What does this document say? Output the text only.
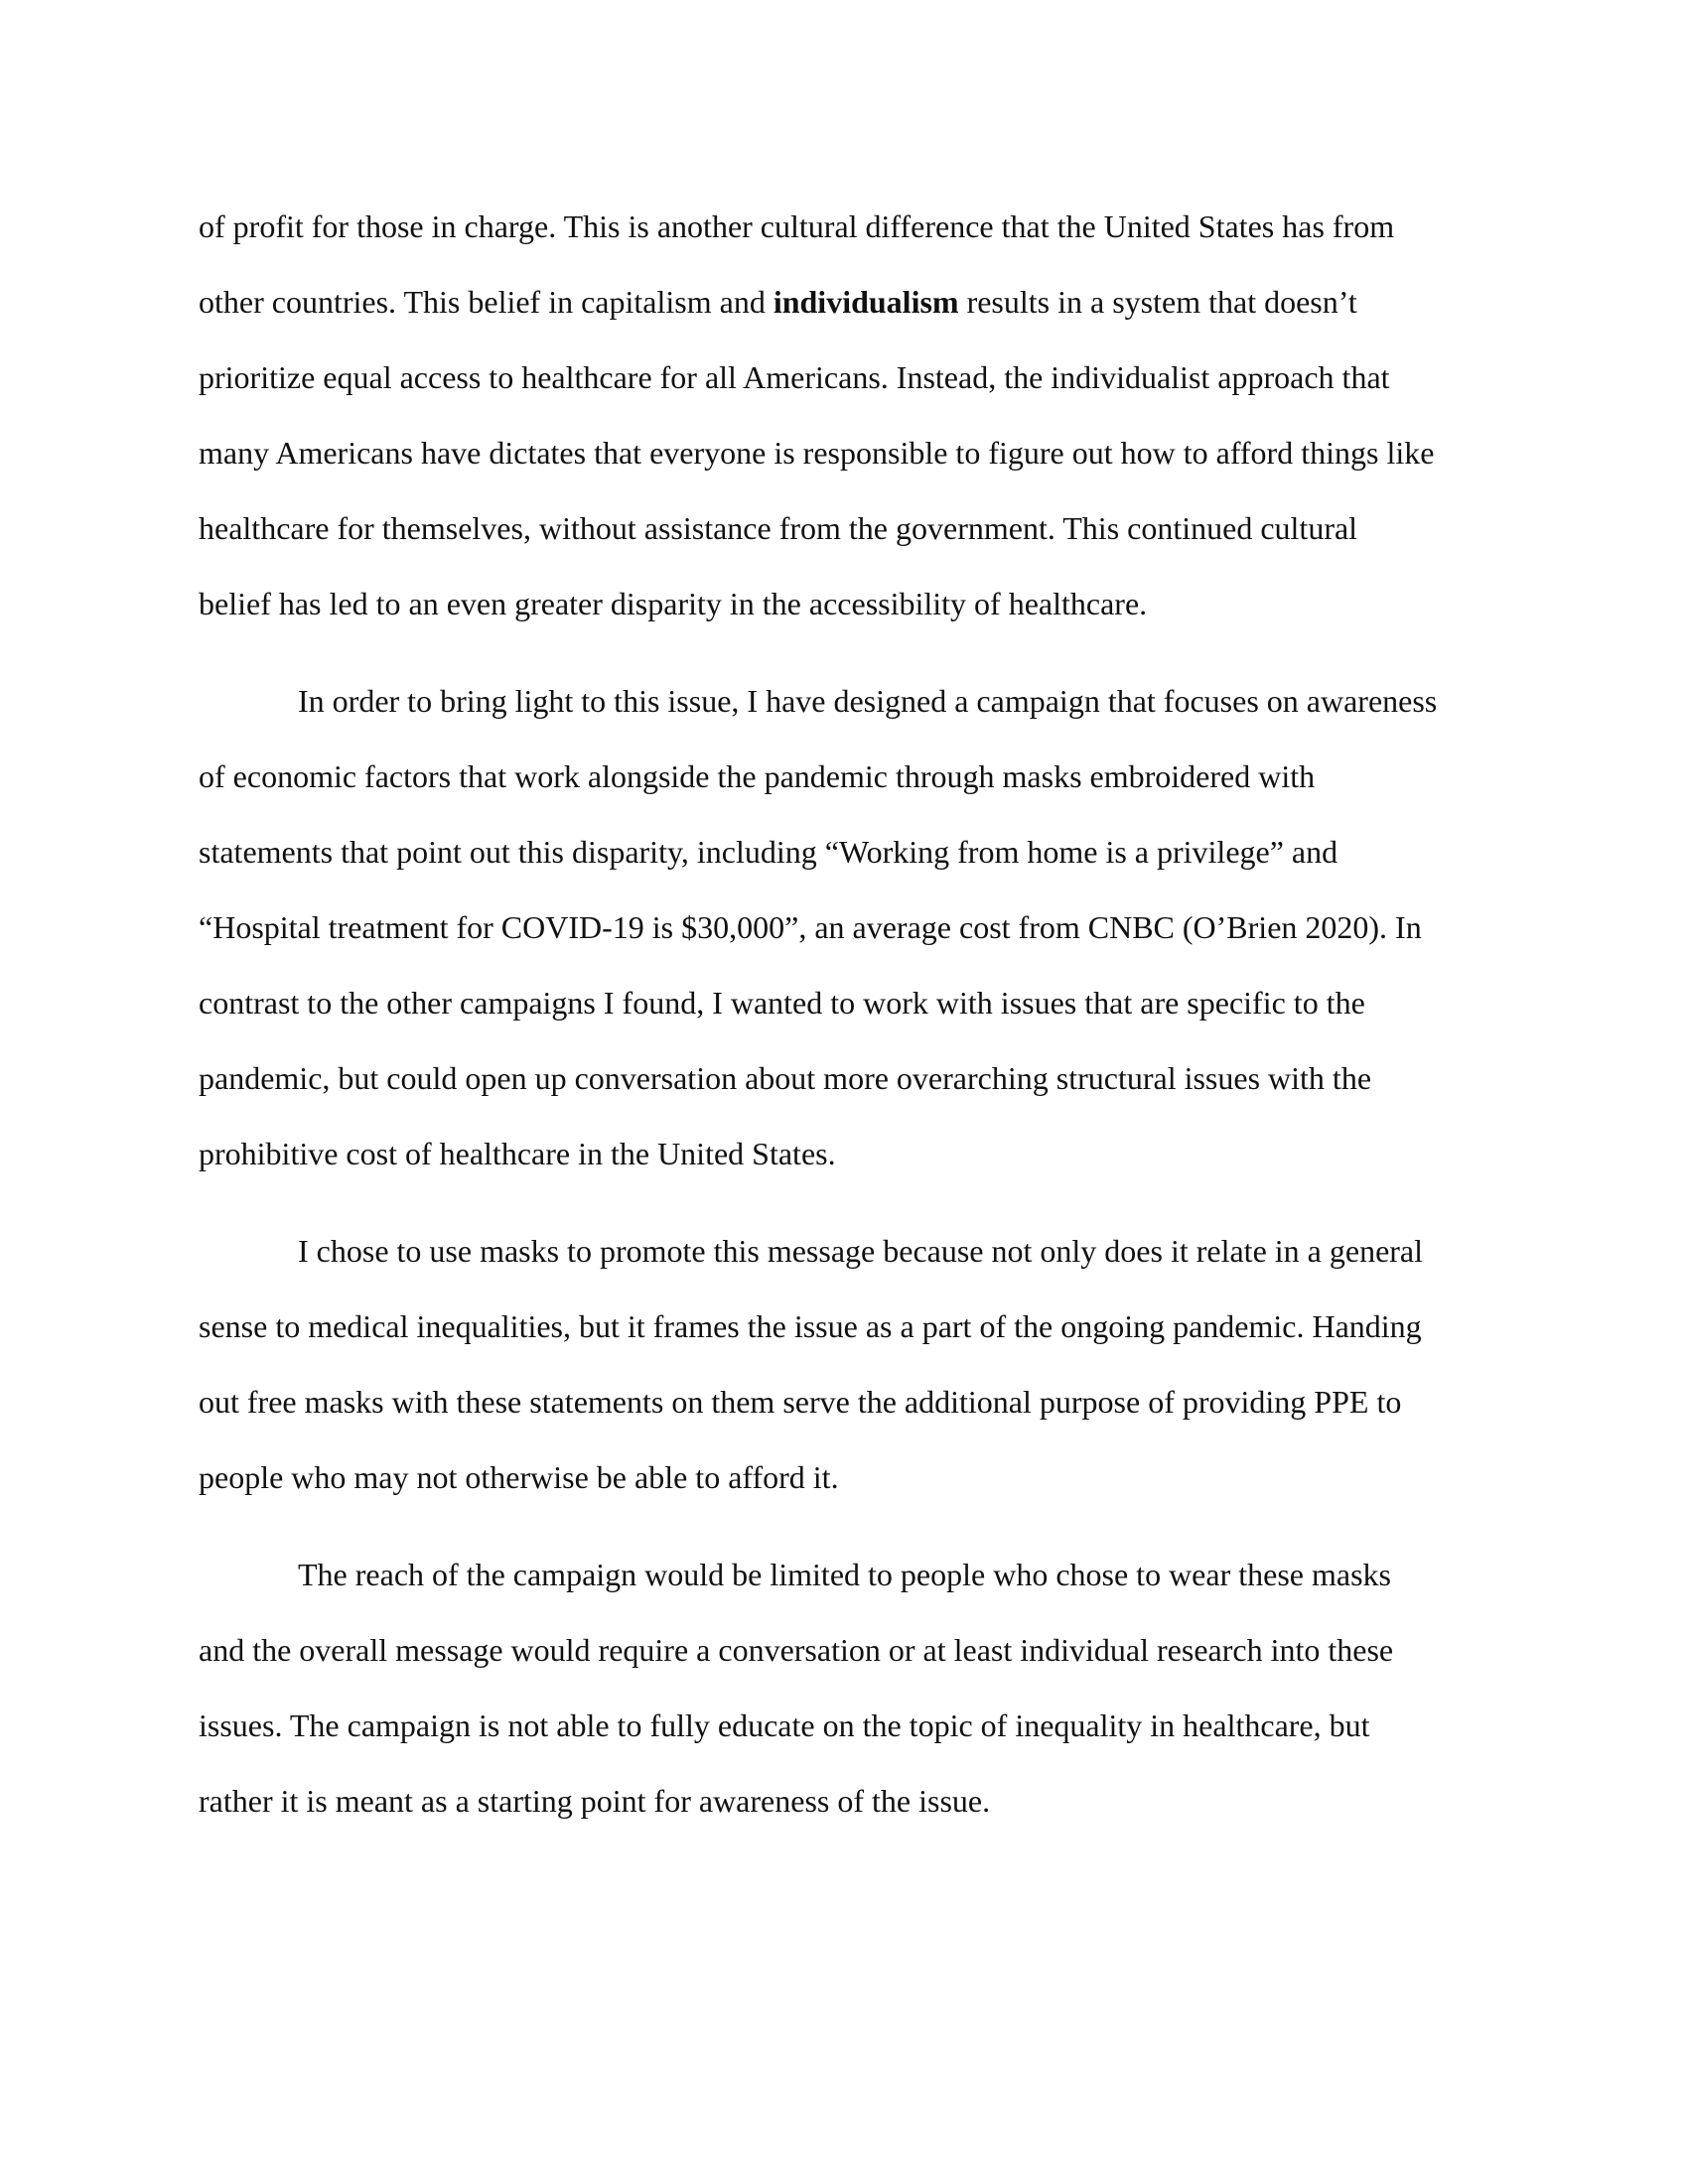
of profit for those in charge. This is another cultural difference that the United States has from
other countries. This belief in capitalism and individualism results in a system that doesn’t
prioritize equal access to healthcare for all Americans. Instead, the individualist approach that
many Americans have dictates that everyone is responsible to figure out how to afford things like
healthcare for themselves, without assistance from the government. This continued cultural
belief has led to an even greater disparity in the accessibility of healthcare.
In order to bring light to this issue, I have designed a campaign that focuses on awareness
of economic factors that work alongside the pandemic through masks embroidered with
statements that point out this disparity, including “Working from home is a privilege” and
“Hospital treatment for COVID-19 is $30,000”, an average cost from CNBC (O’Brien 2020). In
contrast to the other campaigns I found, I wanted to work with issues that are specific to the
pandemic, but could open up conversation about more overarching structural issues with the
prohibitive cost of healthcare in the United States.
I chose to use masks to promote this message because not only does it relate in a general
sense to medical inequalities, but it frames the issue as a part of the ongoing pandemic. Handing
out free masks with these statements on them serve the additional purpose of providing PPE to
people who may not otherwise be able to afford it.
The reach of the campaign would be limited to people who chose to wear these masks
and the overall message would require a conversation or at least individual research into these
issues. The campaign is not able to fully educate on the topic of inequality in healthcare, but
rather it is meant as a starting point for awareness of the issue.
